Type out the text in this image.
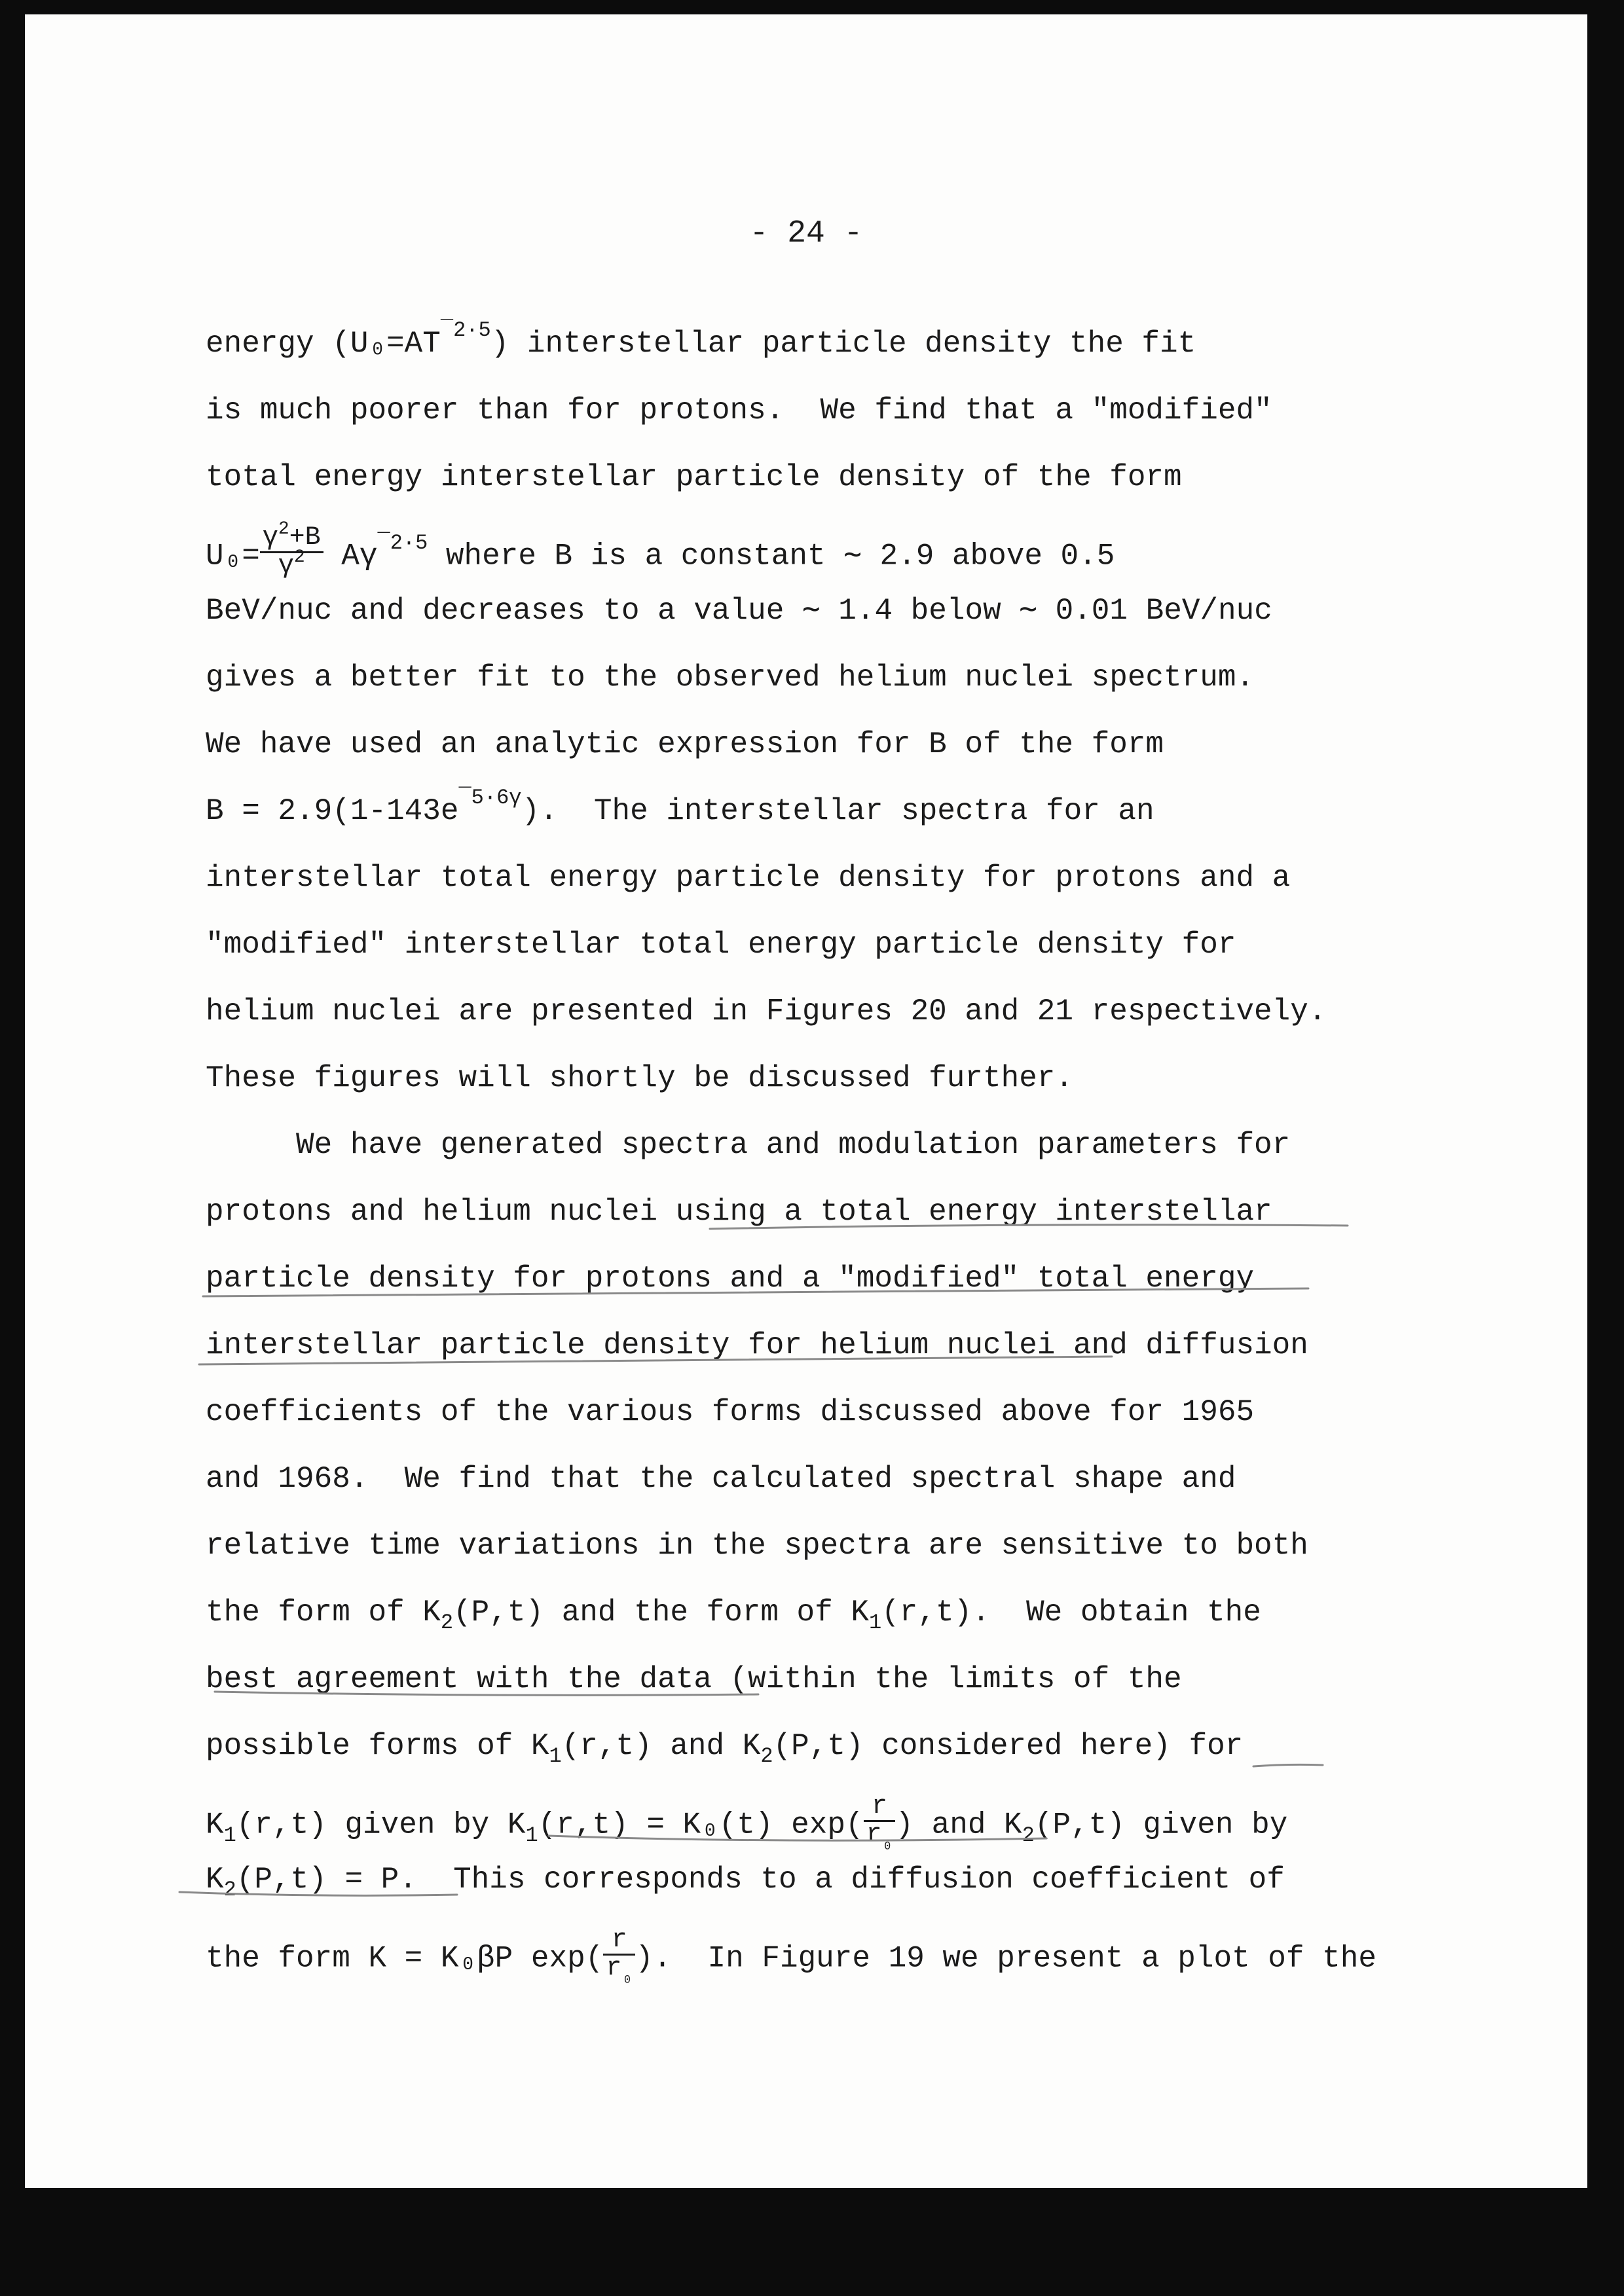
- 24 -
energy $(U_0=AT^{¯2\cdot 5})$ interstellar particle density the fit
is much poorer than for protons.  We find that a "modified"
total energy interstellar particle density of the form
$U_0= \frac{\gamma^2+B}{\gamma^2} A\gamma^{¯2\cdot 5}$ where B is a constant ∼ 2.9 above 0.5
BeV/nuc and decreases to a value ∼ 1.4 below ∼ 0.01 BeV/nuc
gives a better fit to the observed helium nuclei spectrum.
We have used an analytic expression for B of the form
$B = 2.9(1-143e^{¯5\cdot 6\gamma})$.  The interstellar spectra for an
interstellar total energy particle density for protons and a
"modified" interstellar total energy particle density for
helium nuclei are presented in Figures 20 and 21 respectively.
These figures will shortly be discussed further.
We have generated spectra and modulation parameters for
protons and helium nuclei using a total energy interstellar
particle density for protons and a "modified" total energy
interstellar particle density for helium nuclei and diffusion
coefficients of the various forms discussed above for 1965
and 1968.  We find that the calculated spectral shape and
relative time variations in the spectra are sensitive to both
the form of $K_2(P,t)$ and the form of $K_1(r,t)$.  We obtain the
best agreement with the data (within the limits of the
possible forms of $K_1(r,t)$ and $K_2(P,t)$ considered here) for
$K_1(r,t)$ given by $K_1(r,t) = K_0(t)$ $\exp( \frac{r}{r_{_0}}$ ) and $K_2(P,t)$ given by
$K_2(P,t) = P$.  This corresponds to a diffusion coefficient of
the form K = K₀βP $\exp( \frac{r}{r_{_0}}$ ).  In Figure 19 we present a plot of the
